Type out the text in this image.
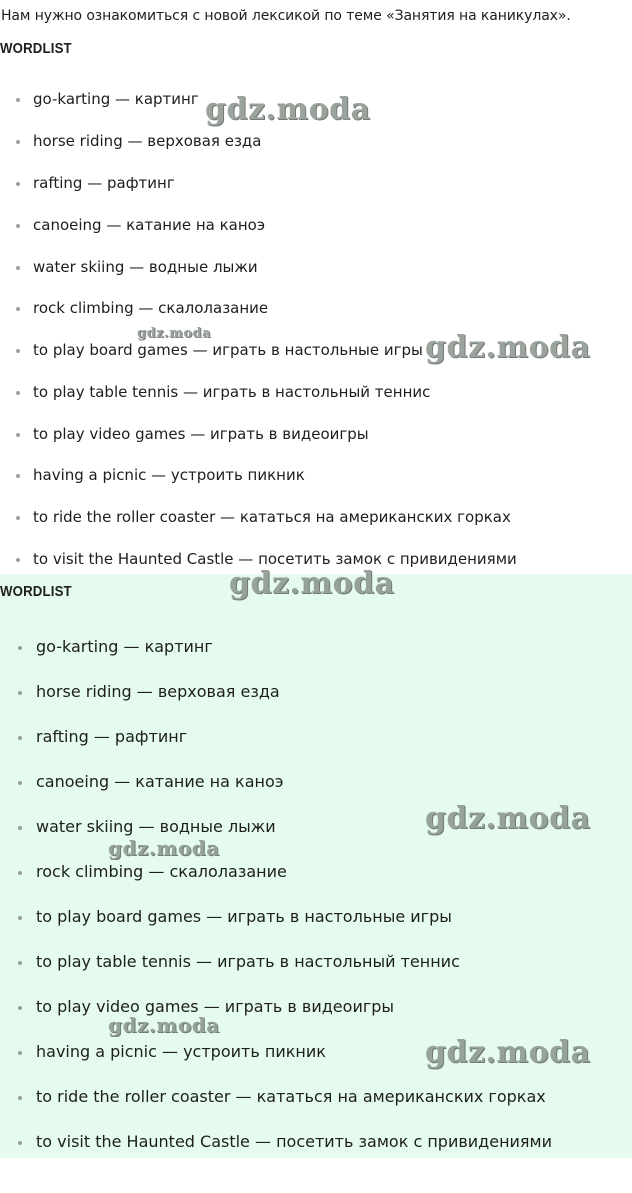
Нам нужно ознакомиться с новой лексикой по теме «Занятия на каникулах».
WORDLIST
go-karting — картинг
horse riding — верховая езда
rafting — рафтинг
canoeing — катание на каноэ
water skiing — водные лыжи
rock climbing — скалолазание
to play board games — играть в настольные игры
to play table tennis — играть в настольный теннис
to play video games — играть в видеоигры
having a picnic — устроить пикник
to ride the roller coaster — кататься на американских горках
to visit the Haunted Castle — посетить замок с привидениями
WORDLIST
go-karting — картинг
horse riding — верховая езда
rafting — рафтинг
canoeing — катание на каноэ
water skiing — водные лыжи
rock climbing — скалолазание
to play board games — играть в настольные игры
to play table tennis — играть в настольный теннис
to play video games — играть в видеоигры
having a picnic — устроить пикник
to ride the roller coaster — кататься на американских горках
to visit the Haunted Castle — посетить замок с привидениями
gdz.moda
gdz.moda	gdz.moda
gdz.moda
gdz.moda
gdz.moda
gdz.moda
gdz.moda
